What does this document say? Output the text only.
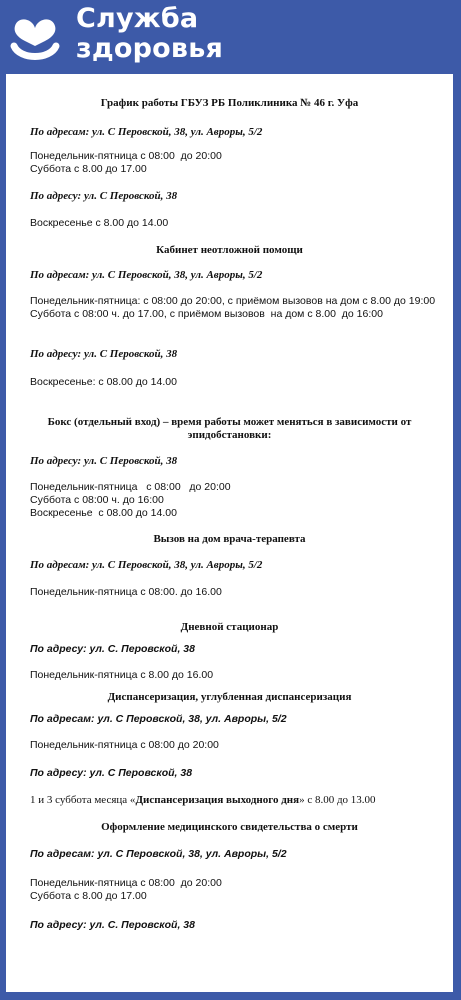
Служба
здоровья
График работы ГБУЗ РБ Поликлиника № 46 г. Уфа
По адресам: ул. С Перовской, 38, ул. Авроры, 5/2
Понедельник-пятница с 08:00  до 20:00
Суббота с 8.00 до 17.00
По адресу: ул. С Перовской, 38
Воскресенье с 8.00 до 14.00
Кабинет неотложной помощи
По адресам: ул. С Перовской, 38, ул. Авроры, 5/2
Понедельник-пятница: с 08:00 до 20:00, с приёмом вызовов на дом с 8.00 до 19:00
Суббота с 08:00 ч. до 17.00, с приёмом вызовов  на дом с 8.00  до 16:00
По адресу: ул. С Перовской, 38
Воскресенье: с 08.00 до 14.00
Бокс (отдельный вход) – время работы может меняться в зависимости от эпидобстановки:
По адресу: ул. С Перовской, 38
Понедельник-пятница   с 08:00   до 20:00
Суббота с 08:00 ч. до 16:00
Воскресенье  с 08.00 до 14.00
Вызов на дом врача-терапевта
По адресам: ул. С Перовской, 38, ул. Авроры, 5/2
Понедельник-пятница с 08:00. до 16.00
Дневной стационар
По адресу: ул. С. Перовской, 38
Понедельник-пятница с 8.00 до 16.00
Диспансеризация, углубленная диспансеризация
По адресам: ул. С Перовской, 38, ул. Авроры, 5/2
Понедельник-пятница с 08:00 до 20:00
По адресу: ул. С Перовской, 38
1 и 3 суббота месяца «Диспансеризация выходного дня» с 8.00 до 13.00
Оформление медицинского свидетельства о смерти
По адресам: ул. С Перовской, 38, ул. Авроры, 5/2
Понедельник-пятница с 08:00  до 20:00
Суббота с 8.00 до 17.00
По адресу: ул. С. Перовской, 38
